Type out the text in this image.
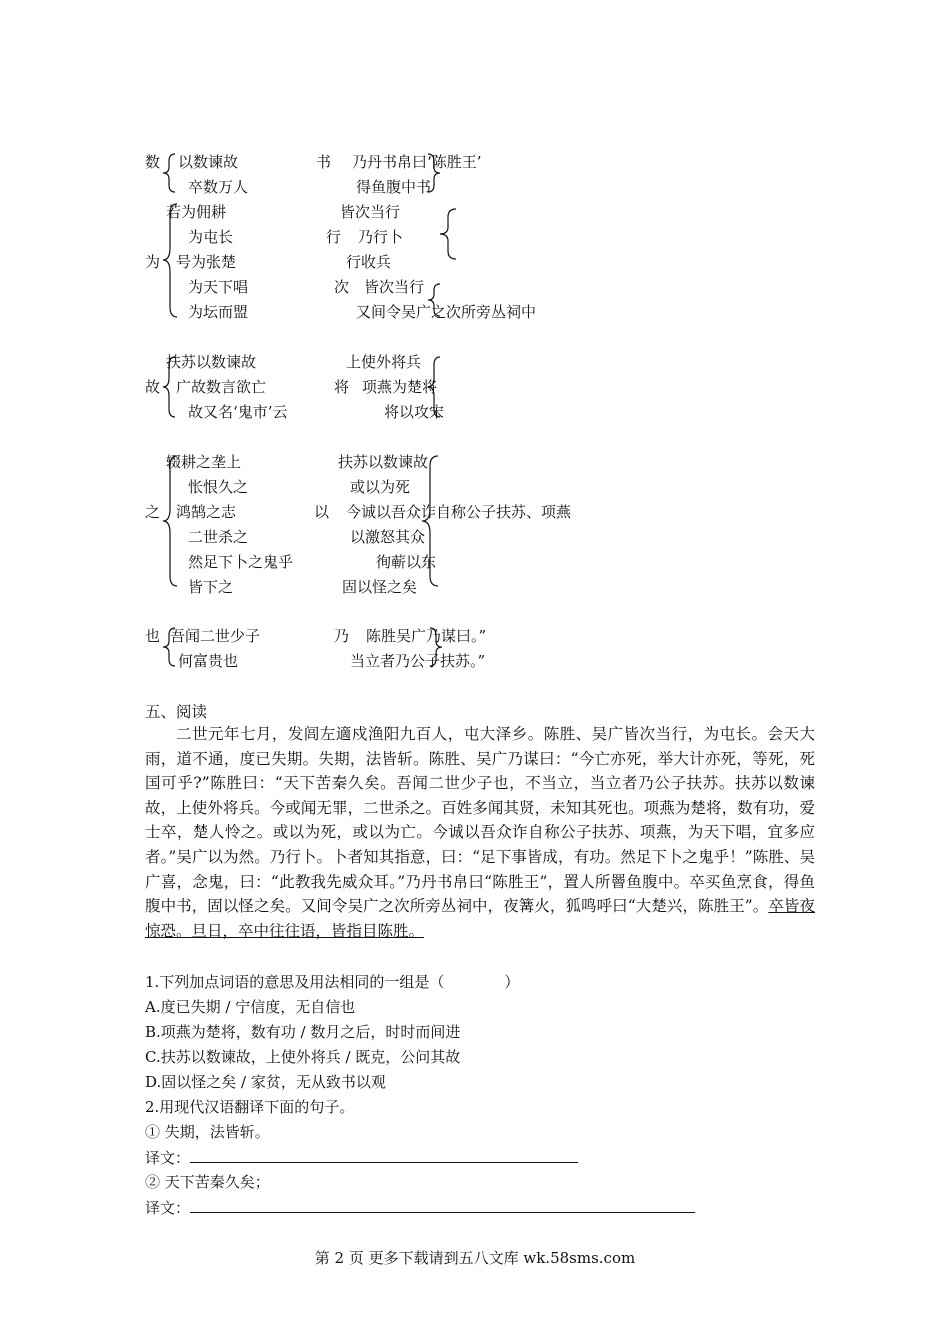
数 以数谏故
卒数万人
书 乃丹书帛曰‘陈胜王’
得鱼腹中书
为
若为佣耕
为屯长
号为张楚
为天下唱
为坛而盟
行
次
皆次当行
乃行卜
行收兵
皆次当行
又间令吴广之次所旁丛祠中
故
扶苏以数谏故
广故数言欲亡
故又名‘鬼市’云
将
上使外将兵
项燕为楚将
将以攻宋
之
辍耕之垄上
怅恨久之
鸿鹄之志
二世杀之
然足下卜之鬼乎
皆下之
以
扶苏以数谏故
或以为死
今诚以吾众诈自称公子扶苏、项燕
以激怒其众
徇蕲以东
固以怪之矣
也 吾闻二世少子
何富贵也
乃 陈胜吴广乃谋曰。”
当立者乃公子扶苏。”
五、阅读

二世元年七月，发闾左適戍渔阳九百人，屯大泽乡。陈胜、吴广皆次当行，为屯长。会天大雨，道不通，度已失期。失期，法皆斩。陈胜、吴广乃谋曰：“今亡亦死，举大计亦死，等死，死国可乎?”陈胜曰：“天下苦秦久矣。吾闻二世少子也，不当立，当立者乃公子扶苏。扶苏以数谏故，上使外将兵。今或闻无罪，二世杀之。百姓多闻其贤，未知其死也。项燕为楚将，数有功，爱士卒，楚人怜之。或以为死，或以为亡。今诚以吾众诈自称公子扶苏、项燕，为天下唱，宜多应者。”吴广以为然。乃行卜。卜者知其指意，曰：“足下事皆成，有功。然足下卜之鬼乎！”陈胜、吴广喜，念鬼，曰：“此教我先威众耳。”乃丹书帛曰“陈胜王”，置人所罾鱼腹中。卒买鱼烹食，得鱼腹中书，固以怪之矣。又间令吴广之次所旁丛祠中，夜篝火，狐鸣呼曰“大楚兴，陈胜王”。卒皆夜惊恐。旦日，卒中往往语，皆指目陈胜。

1.下列加点词语的意思及用法相同的一组是（　　　　）
A.度已失期 / 宁信度，无自信也
B.项燕为楚将，数有功 / 数月之后，时时而间进
C.扶苏以数谏故，上使外将兵 / 既克，公问其故
D.固以怪之矣 / 家贫，无从致书以观
2.用现代汉语翻译下面的句子。
① 失期，法皆斩。
译文：
② 天下苦秦久矣；
译文：
第 2 页 更多下载请到五八文库 wk.58sms.com
